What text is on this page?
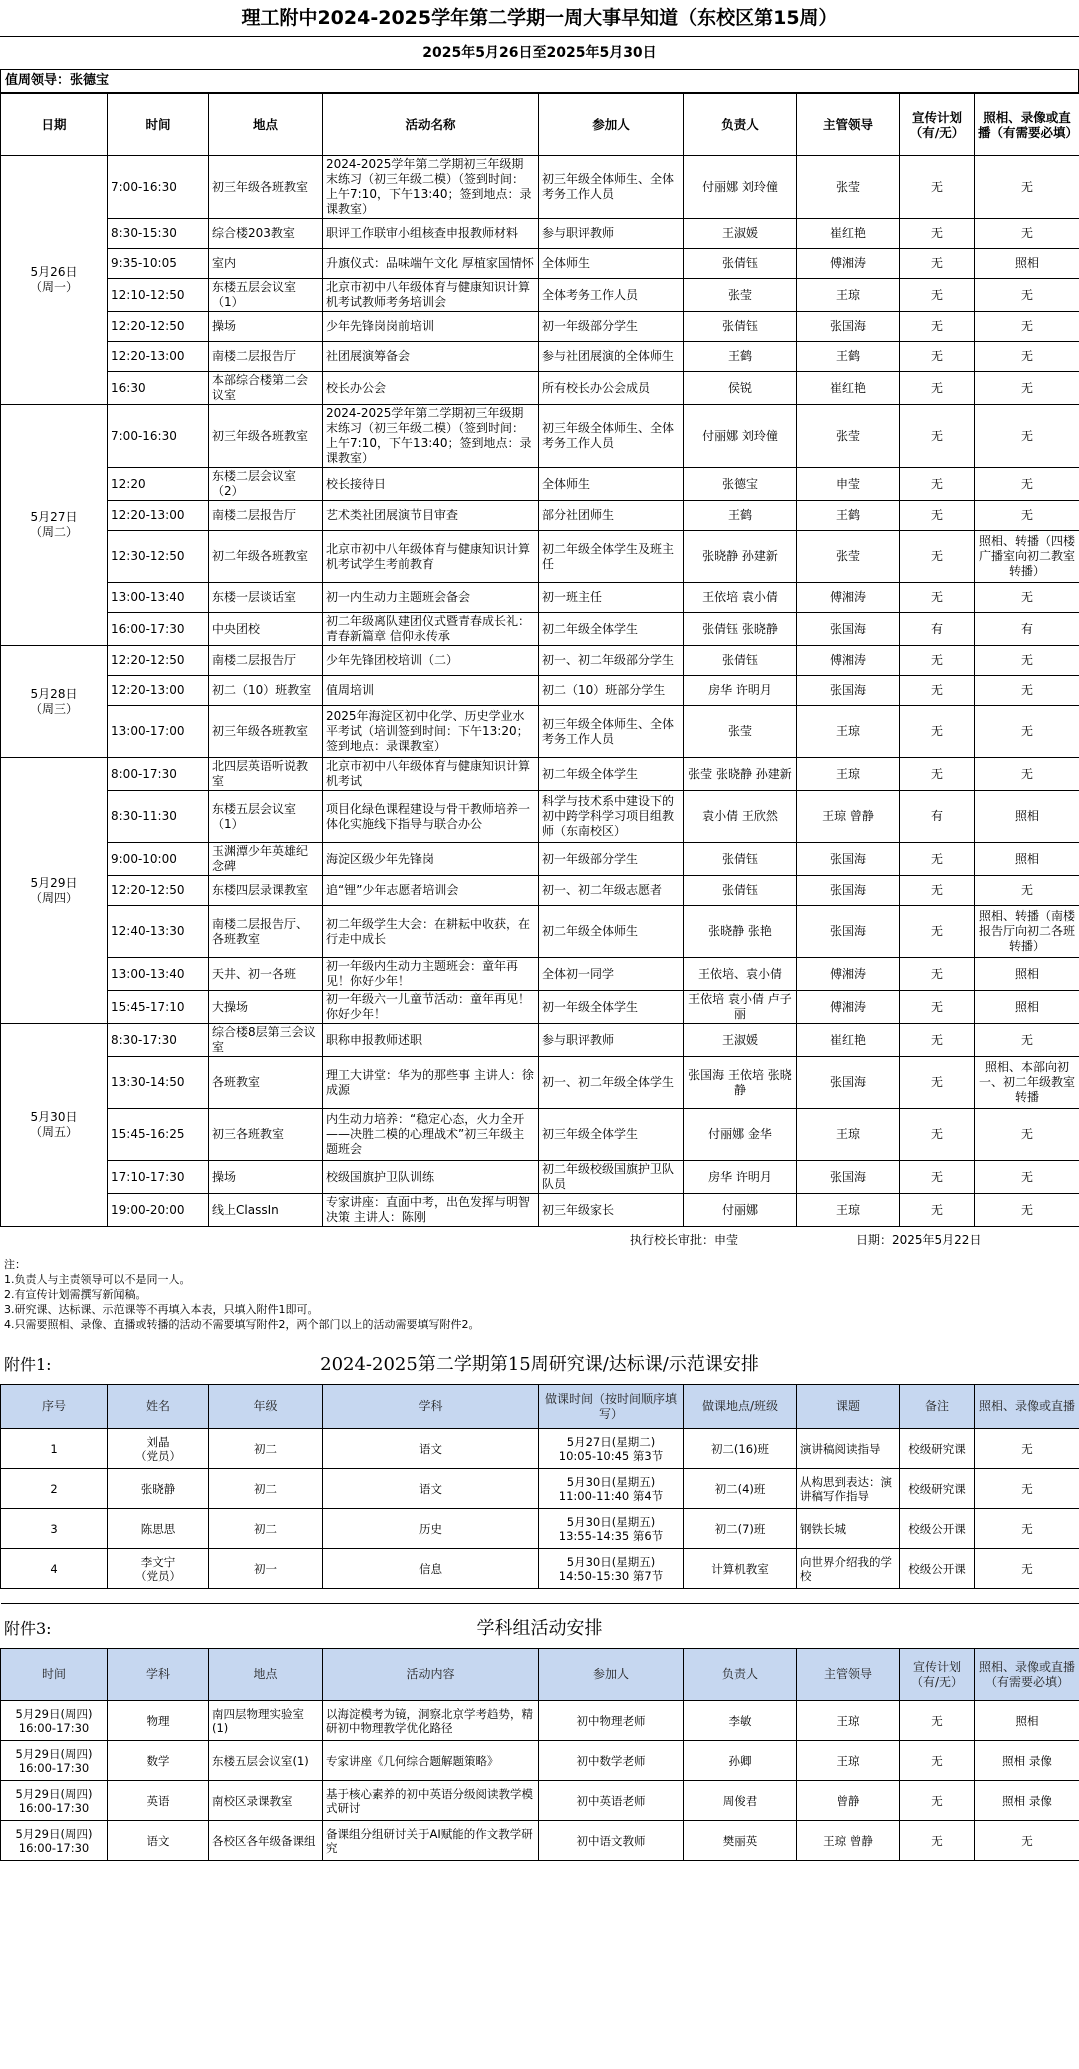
理工附中2024-2025学年第二学期一周大事早知道（东校区第15周）
2025年5月26日至2025年5月30日
值周领导：张德宝
日期	时间	地点	活动名称	参加人	负责人	主管领导	宣传计划（有/无）	照相、录像或直播（有需要必填）

5月26日
（周一）	7:00-16:30	初三年级各班教室	2024-2025学年第二学期初三年级期末练习（初三年级二模）（签到时间：上午7:10，下午13:40；签到地点：录课教室）	初三年级全体师生、全体考务工作人员	付丽娜 刘玲僮	张莹	无	无
	8:30-15:30	综合楼203教室	职评工作联审小组核查申报教师材料	参与职评教师	王淑媛	崔红艳	无	无
	9:35-10:05	室内	升旗仪式：品味端午文化 厚植家国情怀	全体师生	张倩钰	傅湘涛	无	照相
	12:10-12:50	东楼五层会议室（1）	北京市初中八年级体育与健康知识计算机考试教师考务培训会	全体考务工作人员	张莹	王琼	无	无
	12:20-12:50	操场	少年先锋岗岗前培训	初一年级部分学生	张倩钰	张国海	无	无
	12:20-13:00	南楼二层报告厅	社团展演筹备会	参与社团展演的全体师生	王鹤	王鹤	无	无
	16:30	本部综合楼第二会议室	校长办公会	所有校长办公会成员	侯锐	崔红艳	无	无

5月27日
（周二）	7:00-16:30	初三年级各班教室	2024-2025学年第二学期初三年级期末练习（初三年级二模）（签到时间：上午7:10，下午13:40；签到地点：录课教室）	初三年级全体师生、全体考务工作人员	付丽娜 刘玲僮	张莹	无	无
	12:20	东楼二层会议室（2）	校长接待日	全体师生	张德宝	申莹	无	无
	12:20-13:00	南楼二层报告厅	艺术类社团展演节目审查	部分社团师生	王鹤	王鹤	无	无
	12:30-12:50	初二年级各班教室	北京市初中八年级体育与健康知识计算机考试学生考前教育	初二年级全体学生及班主任	张晓静 孙建新	张莹	无	照相、转播（四楼广播室向初二教室转播）
	13:00-13:40	东楼一层谈话室	初一内生动力主题班会备会	初一班主任	王依培 袁小倩	傅湘涛	无	无
	16:00-17:30	中央团校	初二年级离队建团仪式暨青春成长礼：青春新篇章 信仰永传承	初二年级全体学生	张倩钰 张晓静	张国海	有	有

5月28日
（周三）	12:20-12:50	南楼二层报告厅	少年先锋团校培训（二）	初一、初二年级部分学生	张倩钰	傅湘涛	无	无
	12:20-13:00	初二（10）班教室	值周培训	初二（10）班部分学生	房华 许明月	张国海	无	无
	13:00-17:00	初三年级各班教室	2025年海淀区初中化学、历史学业水平考试（培训签到时间：下午13:20；签到地点：录课教室）	初三年级全体师生、全体考务工作人员	张莹	王琼	无	无

5月29日
（周四）	8:00-17:30	北四层英语听说教室	北京市初中八年级体育与健康知识计算机考试	初二年级全体学生	张莹 张晓静 孙建新	王琼	无	无
	8:30-11:30	东楼五层会议室（1）	项目化绿色课程建设与骨干教师培养一体化实施线下指导与联合办公	科学与技术系中建设下的初中跨学科学习项目组教师（东南校区）	袁小倩 王欣然	王琼 曾静	有	照相
	9:00-10:00	玉渊潭少年英雄纪念碑	海淀区级少年先锋岗	初一年级部分学生	张倩钰	张国海	无	照相
	12:20-12:50	东楼四层录课教室	追“锂”少年志愿者培训会	初一、初二年级志愿者	张倩钰	张国海	无	无
	12:40-13:30	南楼二层报告厅、各班教室	初二年级学生大会：在耕耘中收获，在行走中成长	初二年级全体师生	张晓静 张艳	张国海	无	照相、转播（南楼报告厅向初二各班转播）
	13:00-13:40	天井、初一各班	初一年级内生动力主题班会：童年再见！你好少年！	全体初一同学	王依培、袁小倩	傅湘涛	无	照相
	15:45-17:10	大操场	初一年级六一儿童节活动：童年再见！你好少年！	初一年级全体学生	王依培 袁小倩 卢子丽	傅湘涛	无	照相

5月30日
（周五）	8:30-17:30	综合楼8层第三会议室	职称申报教师述职	参与职评教师	王淑媛	崔红艳	无	无
	13:30-14:50	各班教室	理工大讲堂：华为的那些事 主讲人：徐成源	初一、初二年级全体学生	张国海 王依培 张晓静	张国海	无	照相、本部向初一、初二年级教室转播
	15:45-16:25	初三各班教室	内生动力培养：“稳定心态，火力全开——决胜二模的心理战术”初三年级主题班会	初三年级全体学生	付丽娜 金华	王琼	无	无
	17:10-17:30	操场	校级国旗护卫队训练	初二年级校级国旗护卫队队员	房华 许明月	张国海	无	无
	19:00-20:00	线上ClassIn	专家讲座：直面中考，出色发挥与明智决策 主讲人：陈刚	初三年级家长	付丽娜	王琼	无	无
执行校长审批：申莹	日期：2025年5月22日
注：
1.负责人与主责领导可以不是同一人。
2.有宣传计划需撰写新闻稿。
3.研究课、达标课、示范课等不再填入本表，只填入附件1即可。
4.只需要照相、录像、直播或转播的活动不需要填写附件2，两个部门以上的活动需要填写附件2。
附件1:	2024-2025第二学期第15周研究课/达标课/示范课安排
序号	姓名	年级	学科	做课时间（按时间顺序填写）	做课地点/班级	课题	备注	照相、录像或直播
1	刘晶
（党员）	初二	语文	5月27日(星期二)
10:05-10:45 第3节	初二(16)班	演讲稿阅读指导	校级研究课	无
2	张晓静	初二	语文	5月30日(星期五)
11:00-11:40 第4节	初二(4)班	从构思到表达：演讲稿写作指导	校级研究课	无
3	陈思思	初二	历史	5月30日(星期五)
13:55-14:35 第6节	初二(7)班	钢铁长城	校级公开课	无
4	李文宁
（党员）	初一	信息	5月30日(星期五)
14:50-15:30 第7节	计算机教室	向世界介绍我的学校	校级公开课	无

附件3:	学科组活动安排
时间	学科	地点	活动内容	参加人	负责人	主管领导	宣传计划（有/无）	照相、录像或直播（有需要必填）
5月29日(周四)
16:00-17:30	物理	南四层物理实验室(1)	以海淀模考为镜，洞察北京学考趋势，精研初中物理教学优化路径	初中物理老师	李敏	王琼	无	照相
5月29日(周四)
16:00-17:30	数学	东楼五层会议室(1)	专家讲座《几何综合题解题策略》	初中数学老师	孙卿	王琼	无	照相 录像
5月29日(周四)
16:00-17:30	英语	南校区录课教室	基于核心素养的初中英语分级阅读教学模式研讨	初中英语老师	周俊君	曾静	无	照相 录像
5月29日(周四)
16:00-17:30	语文	各校区各年级备课组	备课组分组研讨关于AI赋能的作文教学研究	初中语文教师	樊丽英	王琼 曾静	无	无
